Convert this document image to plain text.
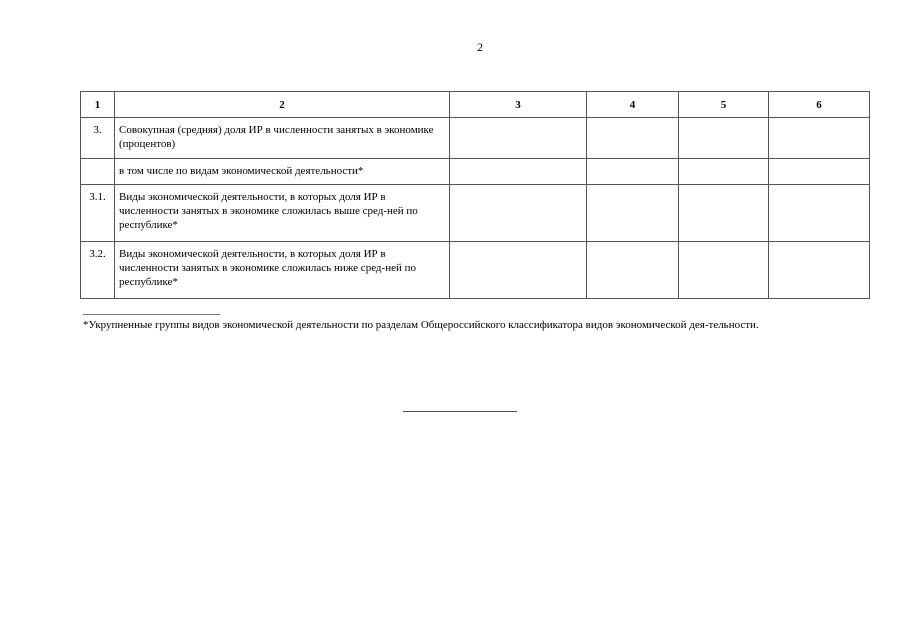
2
1	2	3	4	5	6
3.	Совокупная (средняя) доля ИР в численности занятых в экономике (процентов)				
	в том числе по видам экономической деятельности*				
3.1.	Виды экономической деятельности, в которых доля ИР в численности занятых в экономике сложилась выше сред-ней по республике*				
3.2.	Виды экономической деятельности, в которых доля ИР в численности занятых в экономике сложилась ниже сред-ней по республике*				
*Укрупненные группы видов экономической деятельности по разделам Общероссийского классификатора видов экономической дея-тельности.
